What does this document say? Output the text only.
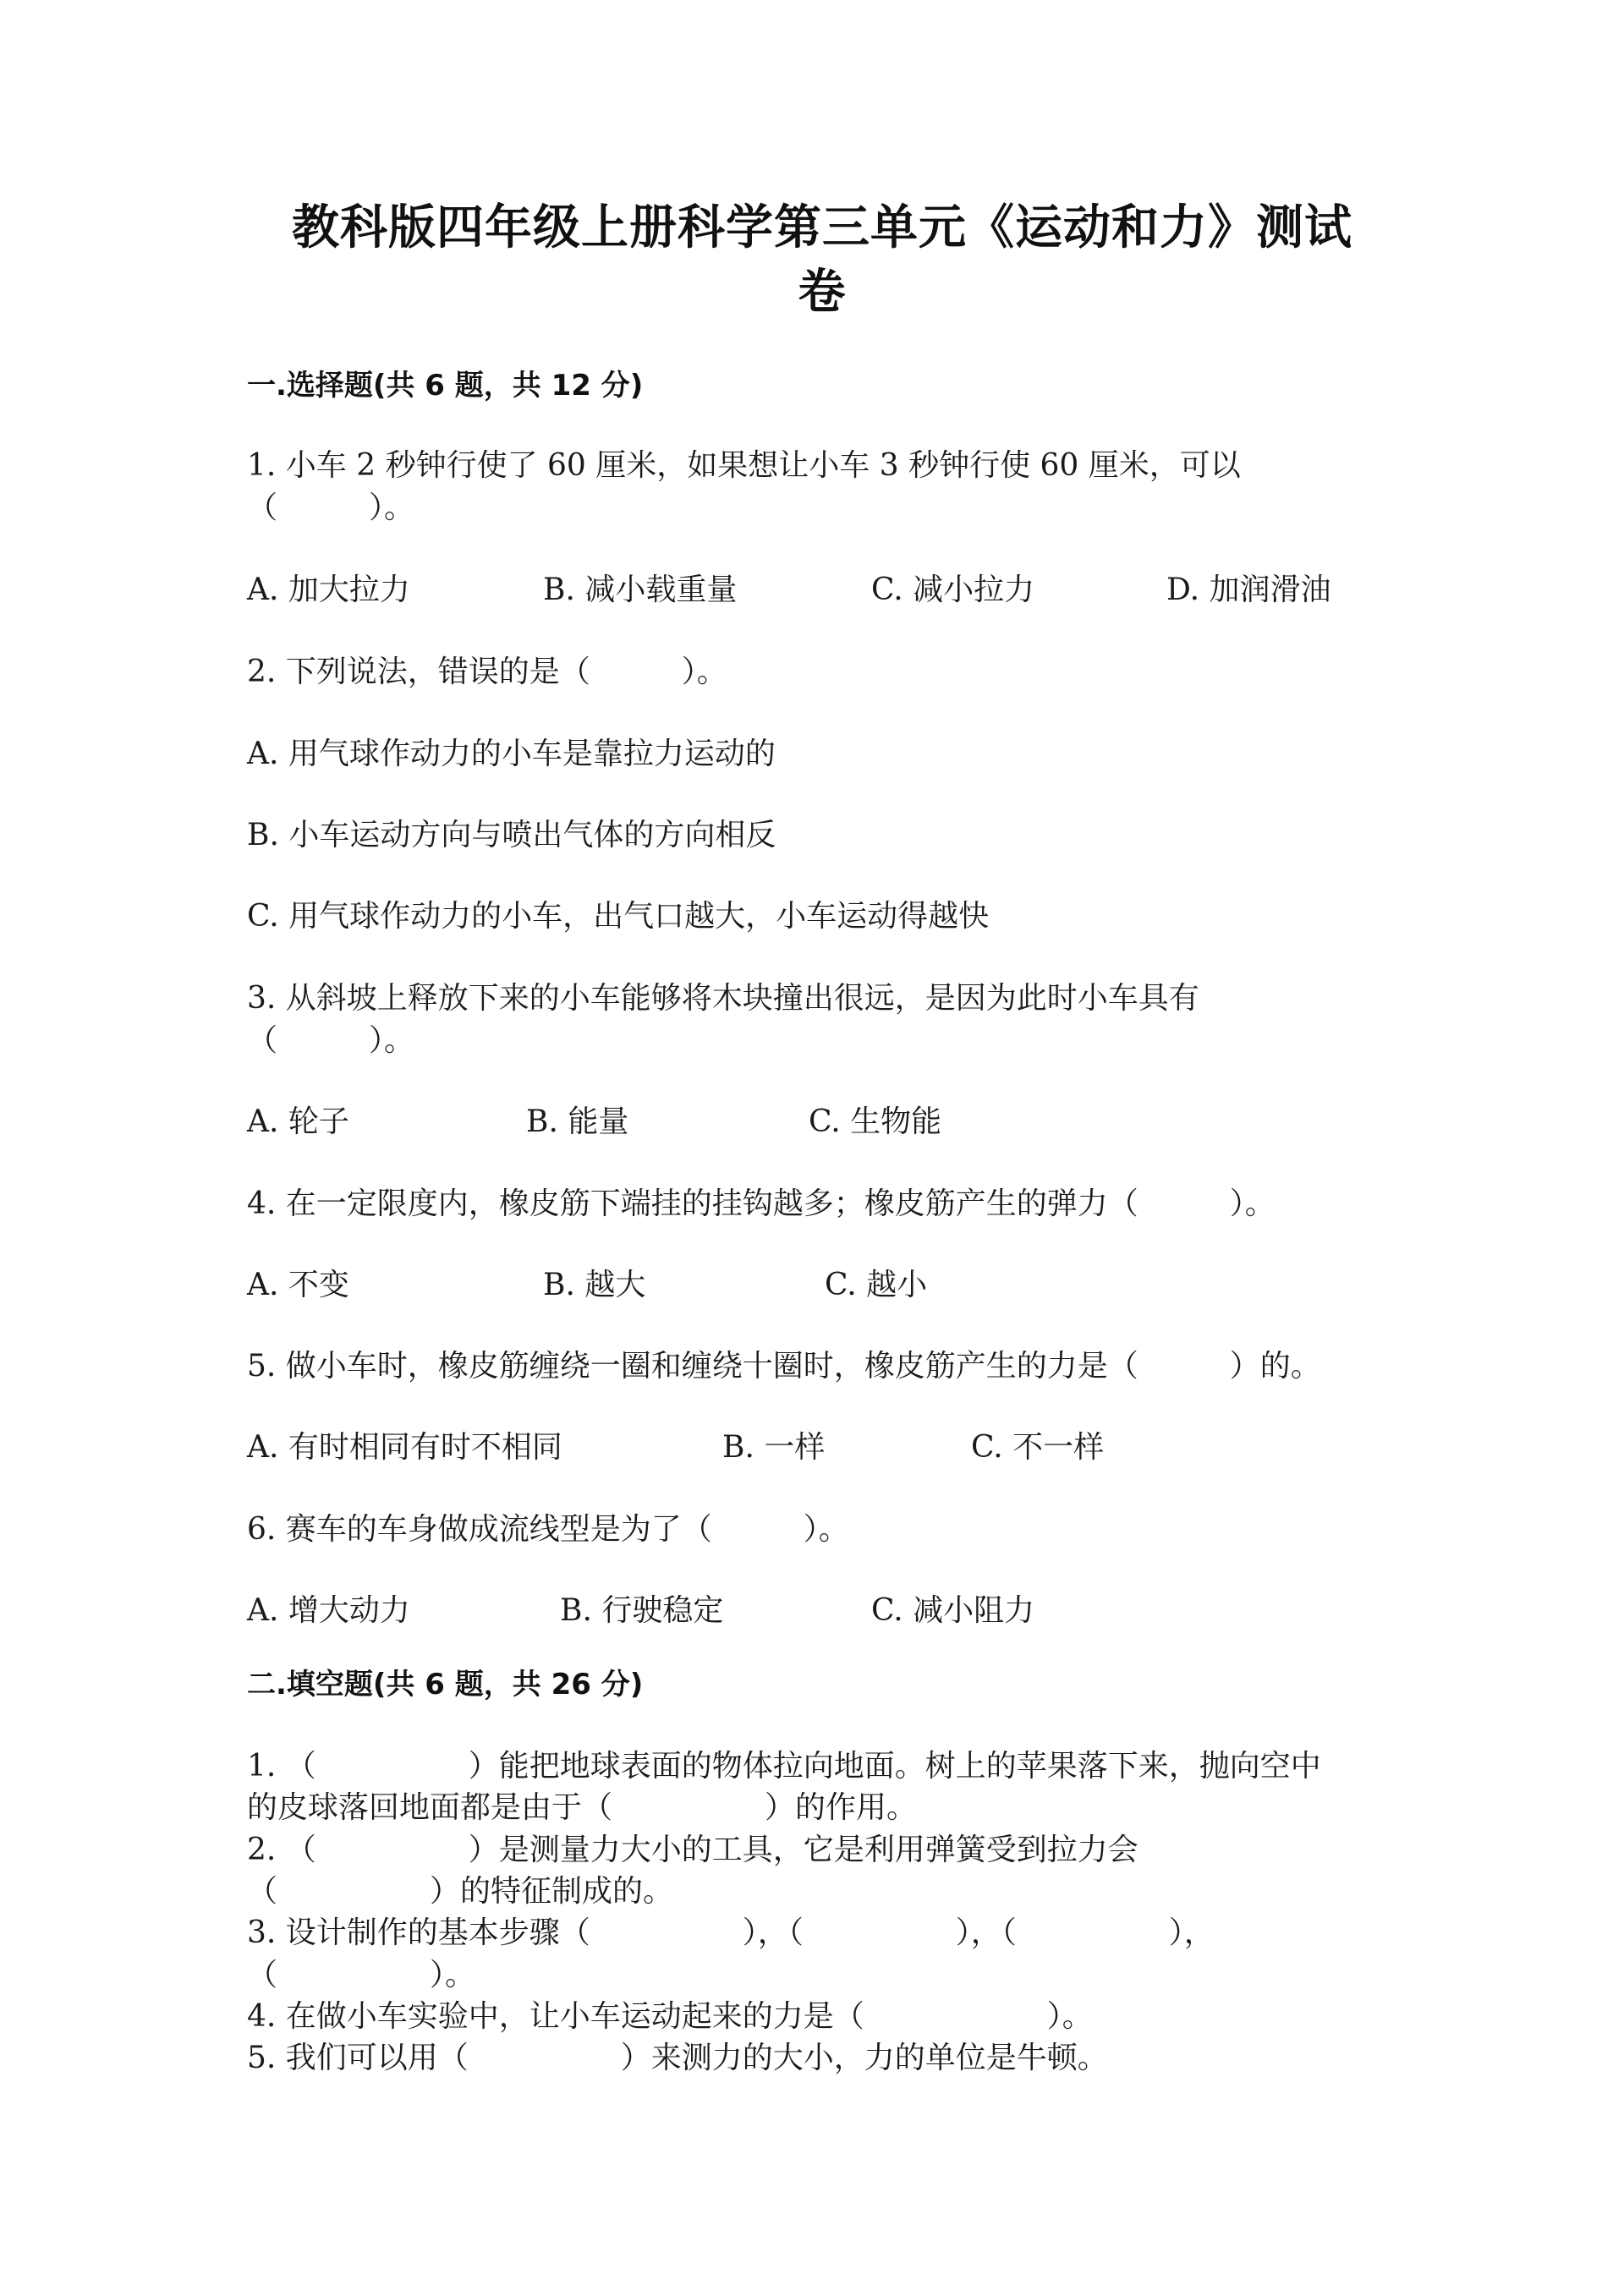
教科版四年级上册科学第三单元《运动和力》测试
卷
一.选择题(共 6 题，共 12 分)
1. 小车 2 秒钟行使了 60 厘米，如果想让小车 3 秒钟行使 60 厘米，可以
（　　　）。
A. 加大拉力	B. 减小载重量	C. 减小拉力	D. 加润滑油
2. 下列说法，错误的是（　　　）。
A. 用气球作动力的小车是靠拉力运动的
B. 小车运动方向与喷出气体的方向相反
C. 用气球作动力的小车，出气口越大，小车运动得越快
3. 从斜坡上释放下来的小车能够将木块撞出很远，是因为此时小车具有
（　　　）。
A. 轮子	B. 能量	C. 生物能
4. 在一定限度内，橡皮筋下端挂的挂钩越多；橡皮筋产生的弹力（　　　）。
A. 不变	B. 越大	C. 越小
5. 做小车时，橡皮筋缠绕一圈和缠绕十圈时，橡皮筋产生的力是（　　　）的。
A. 有时相同有时不相同	B. 一样	C. 不一样
6. 赛车的车身做成流线型是为了（　　　）。
A. 增大动力	B. 行驶稳定	C. 减小阻力
二.填空题(共 6 题，共 26 分)
1. （　　　　　）能把地球表面的物体拉向地面。树上的苹果落下来，抛向空中
的皮球落回地面都是由于（　　　　　）的作用。
2. （　　　　　）是测量力大小的工具，它是利用弹簧受到拉力会
（　　　　　）的特征制成的。
3. 设计制作的基本步骤（　　　　　），（　　　　　），（　　　　　），
（　　　　　）。
4. 在做小车实验中，让小车运动起来的力是（　　　　　　）。
5. 我们可以用（　　　　　）来测力的大小，力的单位是牛顿。
